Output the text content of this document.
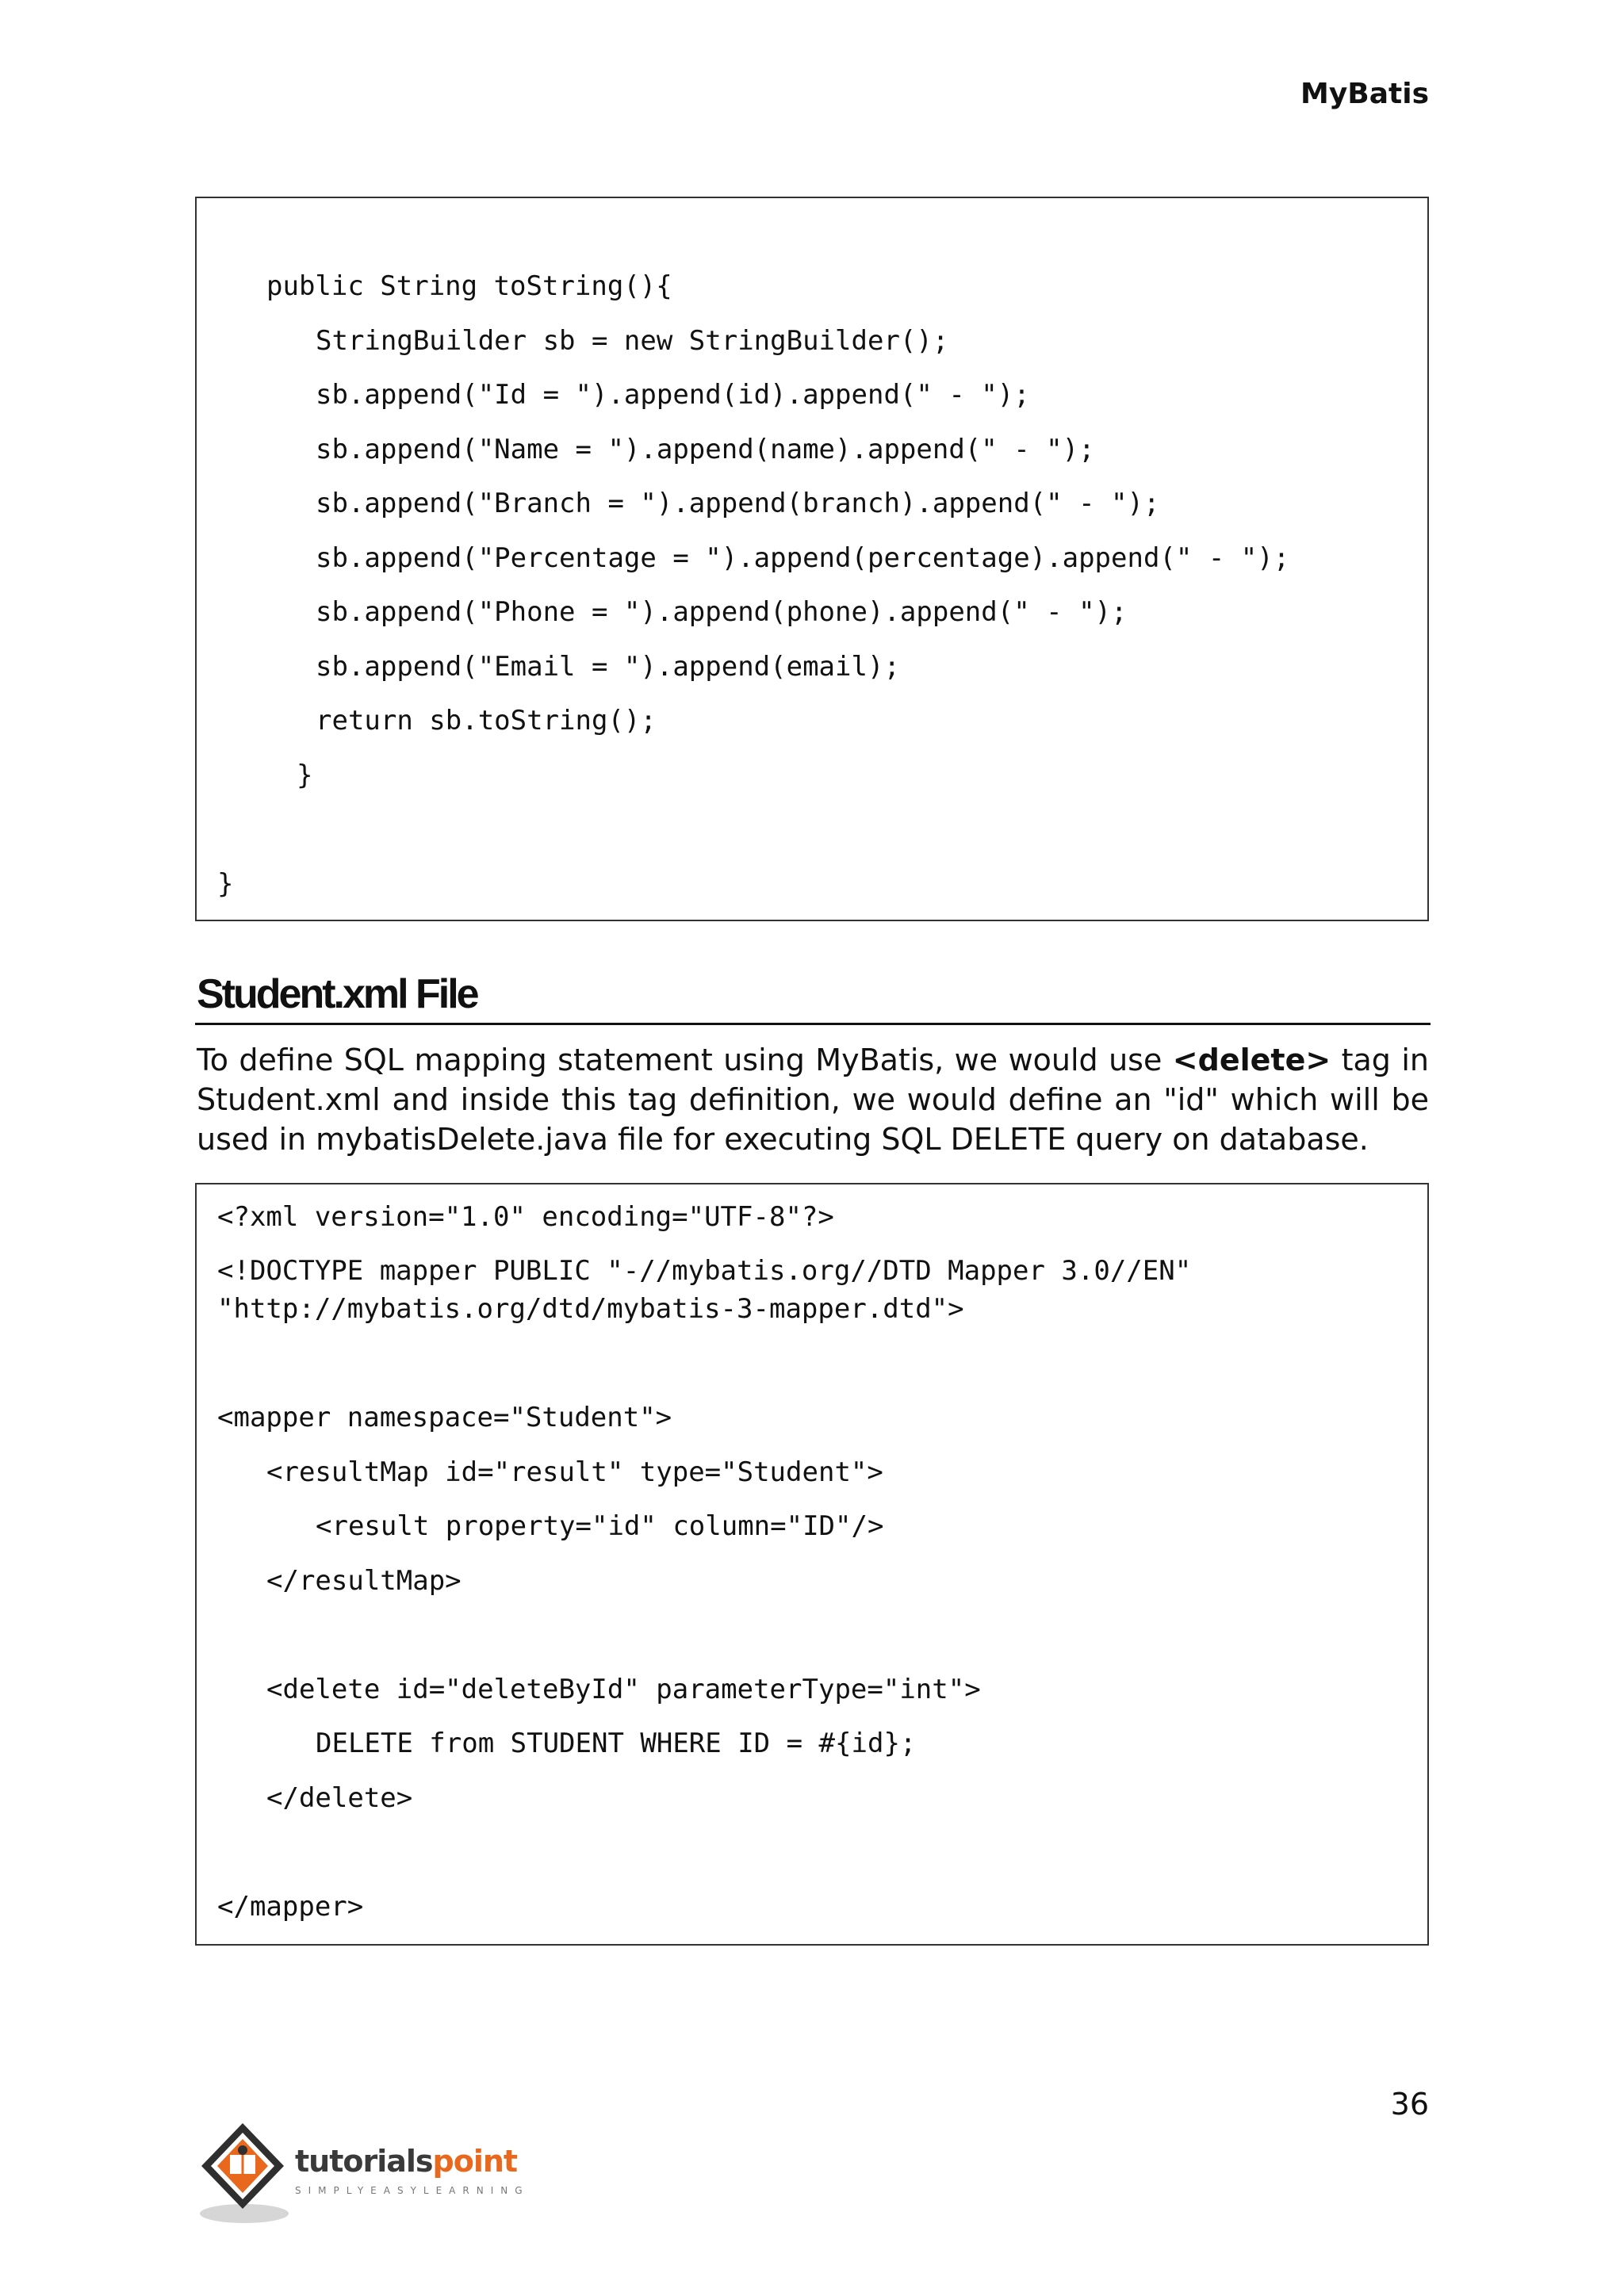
MyBatis
public String toString(){
StringBuilder sb = new StringBuilder();
sb.append("Id = ").append(id).append(" - ");
sb.append("Name = ").append(name).append(" - ");
sb.append("Branch = ").append(branch).append(" - ");
sb.append("Percentage = ").append(percentage).append(" - ");
sb.append("Phone = ").append(phone).append(" - ");
sb.append("Email = ").append(email);
return sb.toString();
}
}
Student.xml File
To define SQL mapping statement using MyBatis, we would use <delete> tag in Student.xml and inside this tag definition, we would define an "id" which will be used in mybatisDelete.java file for executing SQL DELETE query on database.
<?xml version="1.0" encoding="UTF-8"?>
<!DOCTYPE mapper PUBLIC "-//mybatis.org//DTD Mapper 3.0//EN"
"http://mybatis.org/dtd/mybatis-3-mapper.dtd">
<mapper namespace="Student">
<resultMap id="result" type="Student">
<result property="id" column="ID"/>
</resultMap>
<delete id="deleteById" parameterType="int">
DELETE from STUDENT WHERE ID = #{id};
</delete>
</mapper>
36
tutorialspoint
SIMPLYEASYLEARNING
